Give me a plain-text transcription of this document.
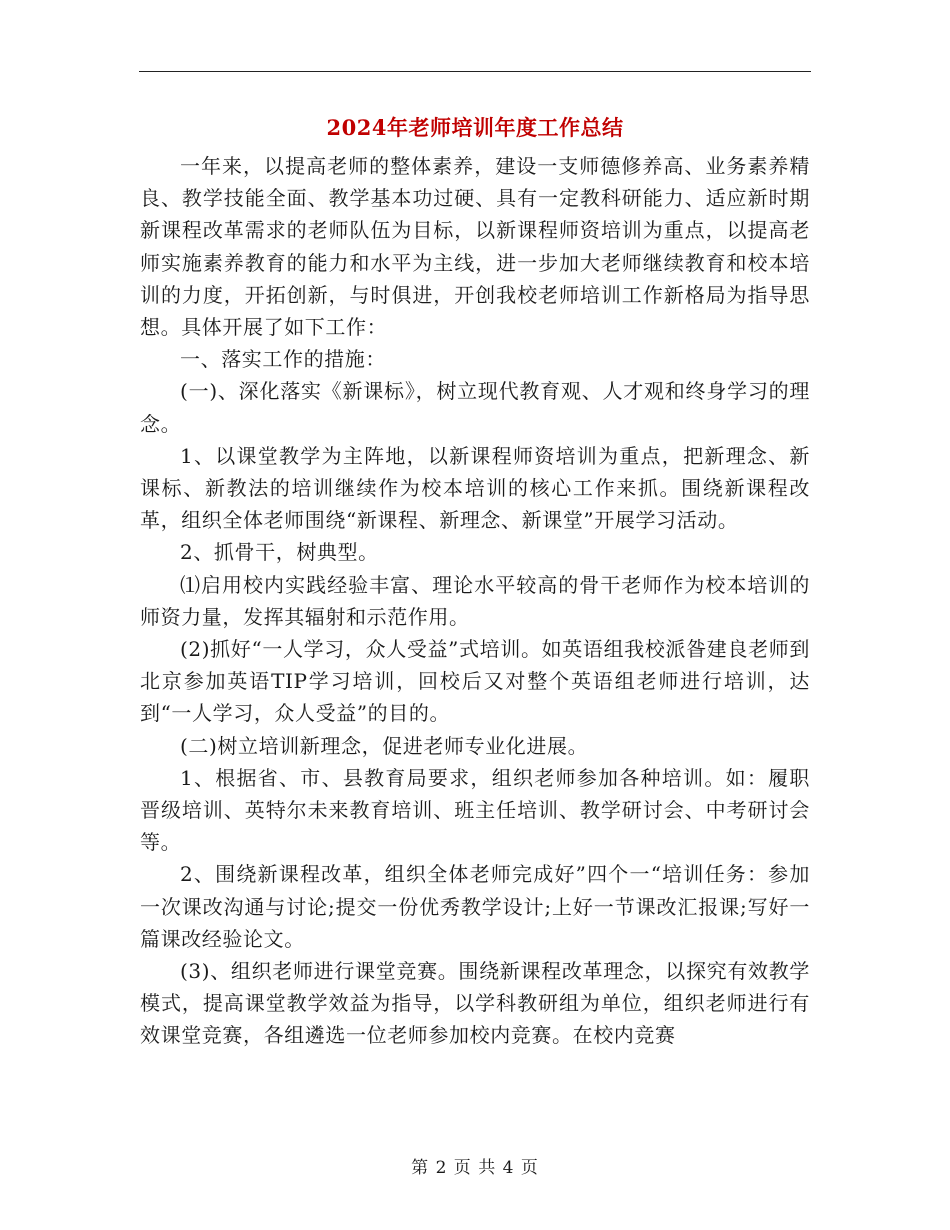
2024年老师培训年度工作总结

一年来，以提高老师的整体素养，建设一支师德修养高、业务素养精良、教学技能全面、教学基本功过硬、具有一定教科研能力、适应新时期新课程改革需求的老师队伍为目标，以新课程师资培训为重点，以提高老师实施素养教育的能力和水平为主线，进一步加大老师继续教育和校本培训的力度，开拓创新，与时俱进，开创我校老师培训工作新格局为指导思想。具体开展了如下工作：

一、落实工作的措施：

(一)、深化落实《新课标》，树立现代教育观、人才观和终身学习的理念。

1、以课堂教学为主阵地，以新课程师资培训为重点，把新理念、新课标、新教法的培训继续作为校本培训的核心工作来抓。围绕新课程改革，组织全体老师围绕“新课程、新理念、新课堂”开展学习活动。

2、抓骨干，树典型。

⑴启用校内实践经验丰富、理论水平较高的骨干老师作为校本培训的师资力量，发挥其辐射和示范作用。

(2)抓好“一人学习，众人受益”式培训。如英语组我校派昝建良老师到北京参加英语TIP学习培训，回校后又对整个英语组老师进行培训，达到“一人学习，众人受益”的目的。

(二)树立培训新理念，促进老师专业化进展。

1、根据省、市、县教育局要求，组织老师参加各种培训。如：履职晋级培训、英特尔未来教育培训、班主任培训、教学研讨会、中考研讨会等。

2、围绕新课程改革，组织全体老师完成好”四个一“培训任务：参加一次课改沟通与讨论;提交一份优秀教学设计;上好一节课改汇报课;写好一篇课改经验论文。

(3)、组织老师进行课堂竞赛。围绕新课程改革理念，以探究有效教学模式，提高课堂教学效益为指导，以学科教研组为单位，组织老师进行有效课堂竞赛，各组遴选一位老师参加校内竞赛。在校内竞赛

第 2 页 共 4 页
